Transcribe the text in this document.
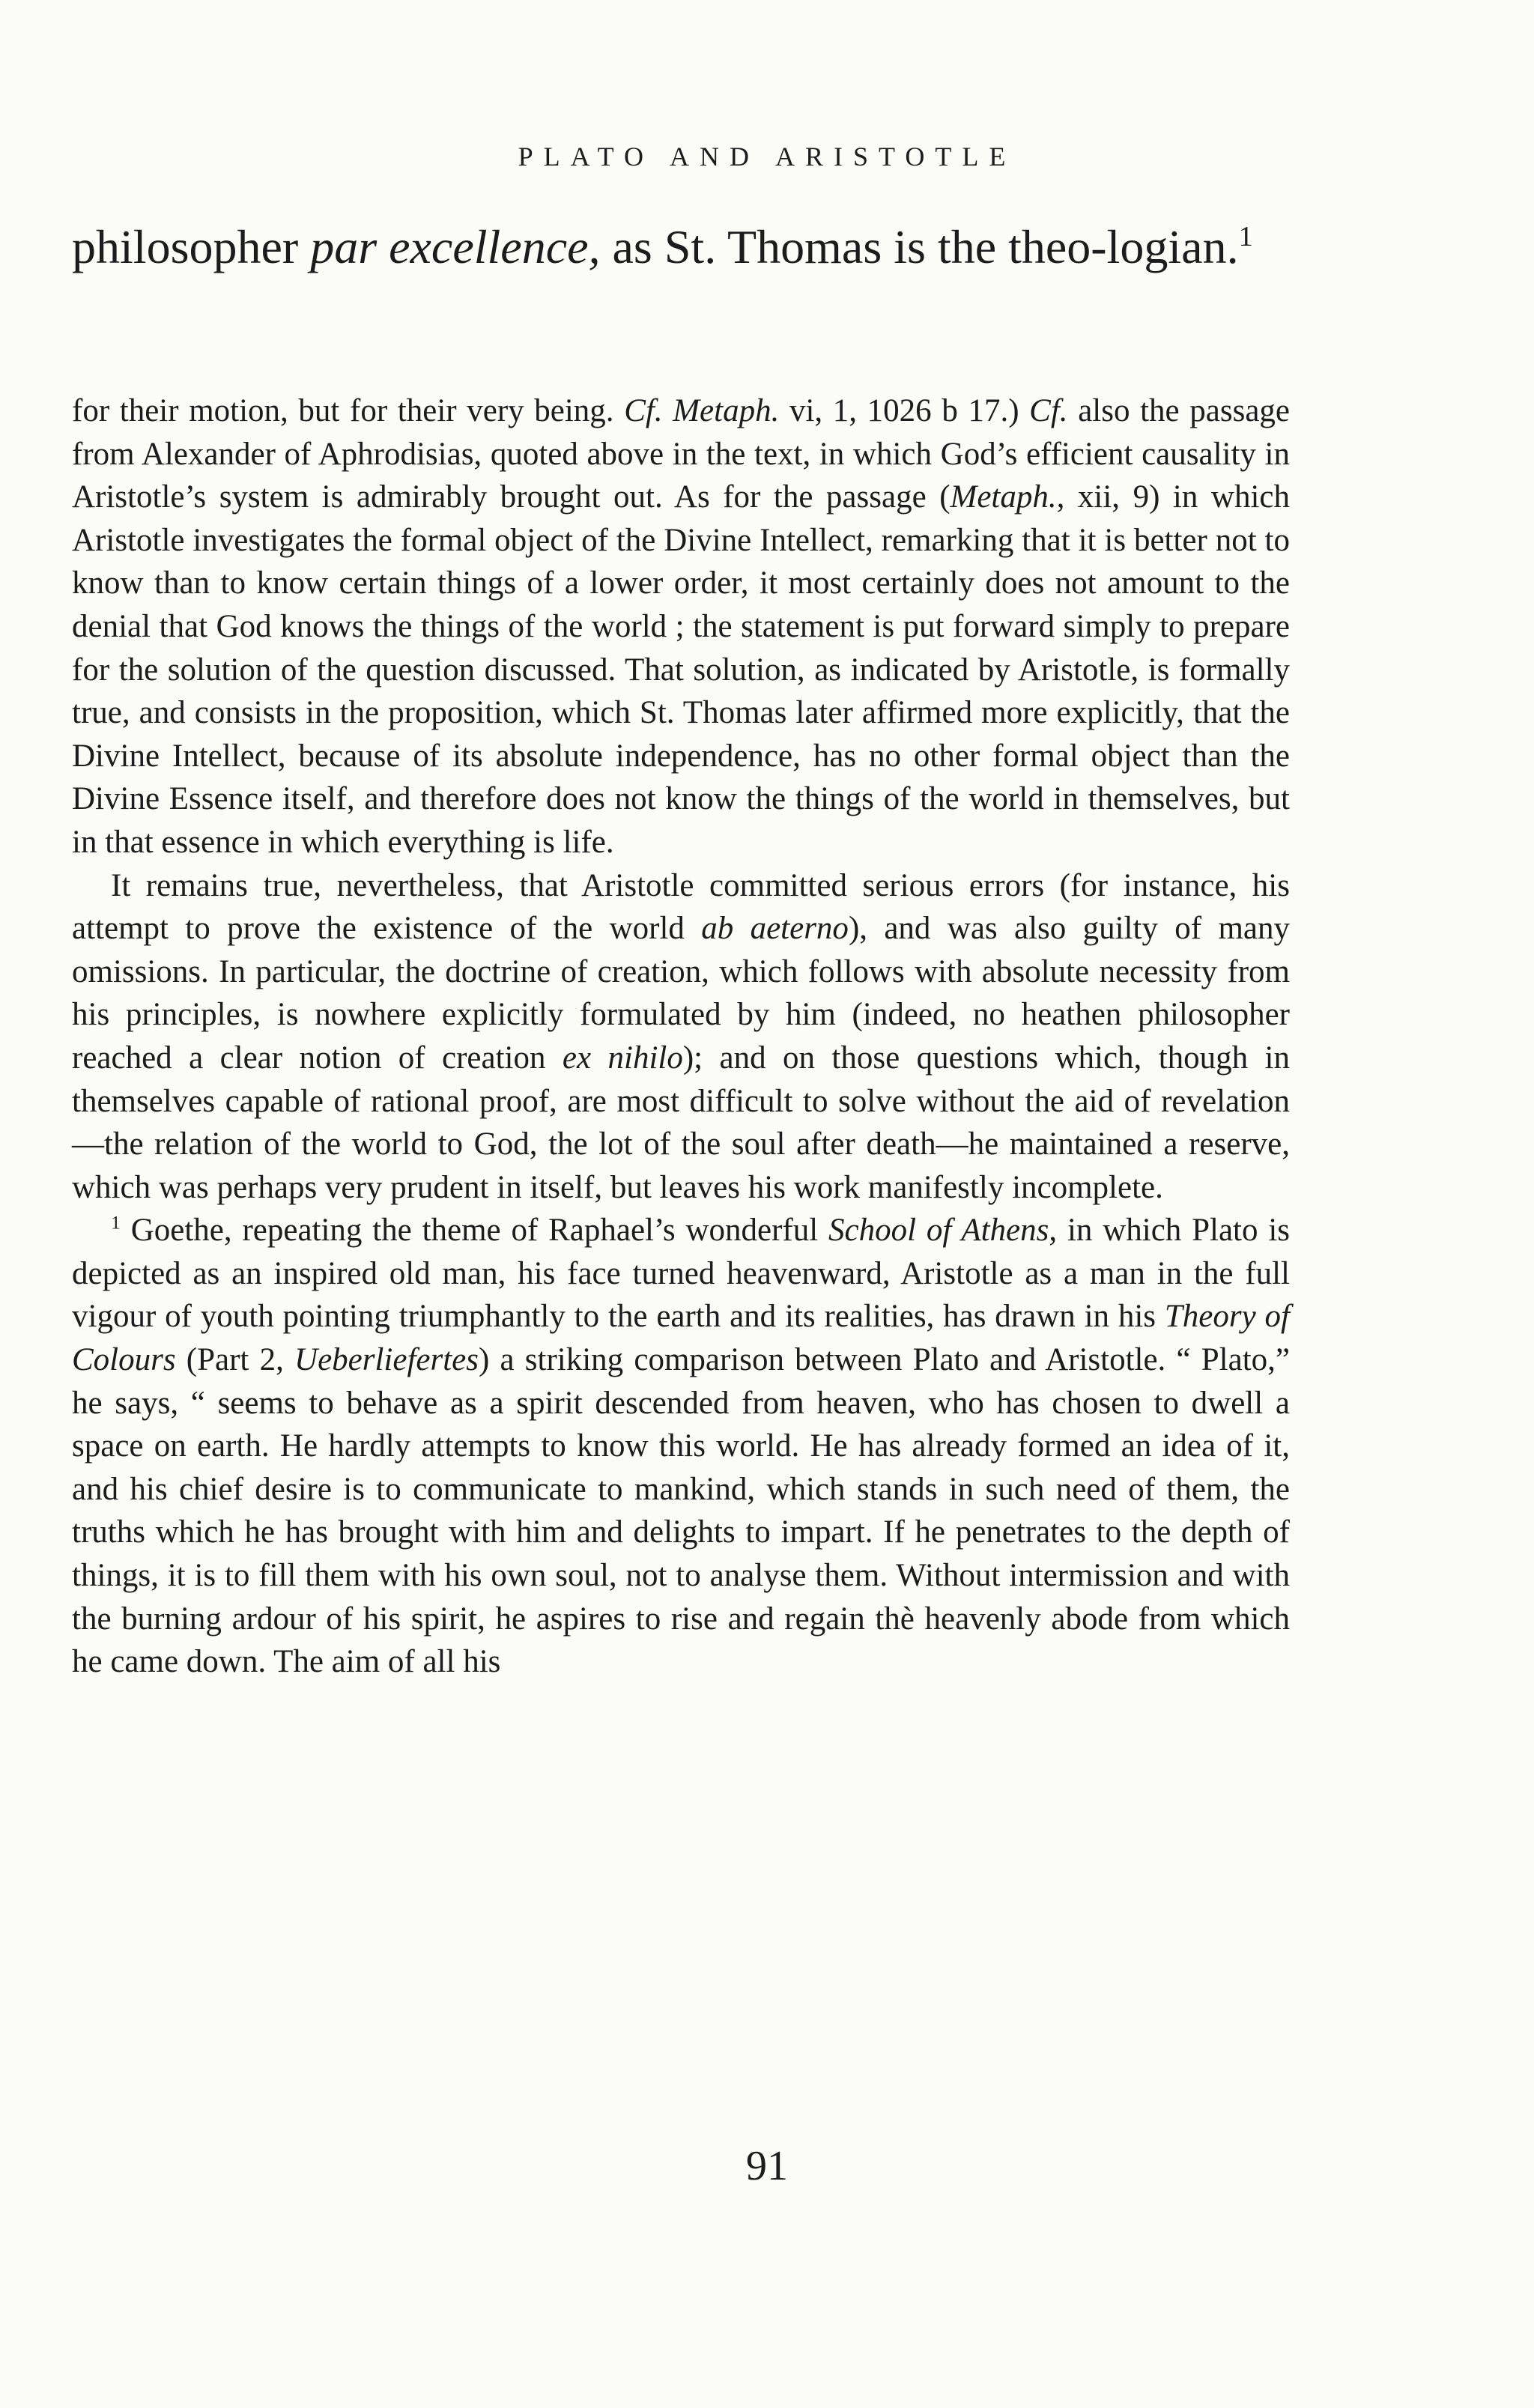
PLATO AND ARISTOTLE
philosopher par excellence, as St. Thomas is the theo-logian.$^1$

for their motion, but for their very being. Cf. Metaph. vi, 1, 1026 b 17.) Cf. also the passage from Alexander of Aphrodisias, quoted above in the text, in which God’s efficient causality in Aristotle’s system is admirably brought out. As for the passage (Metaph., xii, 9) in which Aristotle investigates the formal object of the Divine Intellect, remarking that it is better not to know than to know certain things of a lower order, it most certainly does not amount to the denial that God knows the things of the world ; the statement is put forward simply to prepare for the solution of the question discussed. That solution, as indicated by Aristotle, is formally true, and consists in the proposition, which St. Thomas later affirmed more explicitly, that the Divine Intellect, because of its absolute independence, has no other formal object than the Divine Essence itself, and therefore does not know the things of the world in themselves, but in that essence in which everything is life.

It remains true, nevertheless, that Aristotle committed serious errors (for instance, his attempt to prove the existence of the world ab aeterno), and was also guilty of many omissions. In particular, the doctrine of creation, which follows with absolute necessity from his principles, is nowhere explicitly formulated by him (indeed, no heathen philosopher reached a clear notion of creation ex nihilo); and on those questions which, though in themselves capable of rational proof, are most difficult to solve without the aid of revelation—the relation of the world to God, the lot of the soul after death—he maintained a reserve, which was perhaps very prudent in itself, but leaves his work manifestly incomplete.

$^1$ Goethe, repeating the theme of Raphael’s wonderful School of Athens, in which Plato is depicted as an inspired old man, his face turned heavenward, Aristotle as a man in the full vigour of youth pointing triumphantly to the earth and its realities, has drawn in his Theory of Colours (Part 2, Ueberliefertes) a striking comparison between Plato and Aristotle. “ Plato,” he says, “ seems to behave as a spirit descended from heaven, who has chosen to dwell a space on earth. He hardly attempts to know this world. He has already formed an idea of it, and his chief desire is to communicate to mankind, which stands in such need of them, the truths which he has brought with him and delights to impart. If he penetrates to the depth of things, it is to fill them with his own soul, not to analyse them. Without intermission and with the burning ardour of his spirit, he aspires to rise and regain thè heavenly abode from which he came down. The aim of all his

91
